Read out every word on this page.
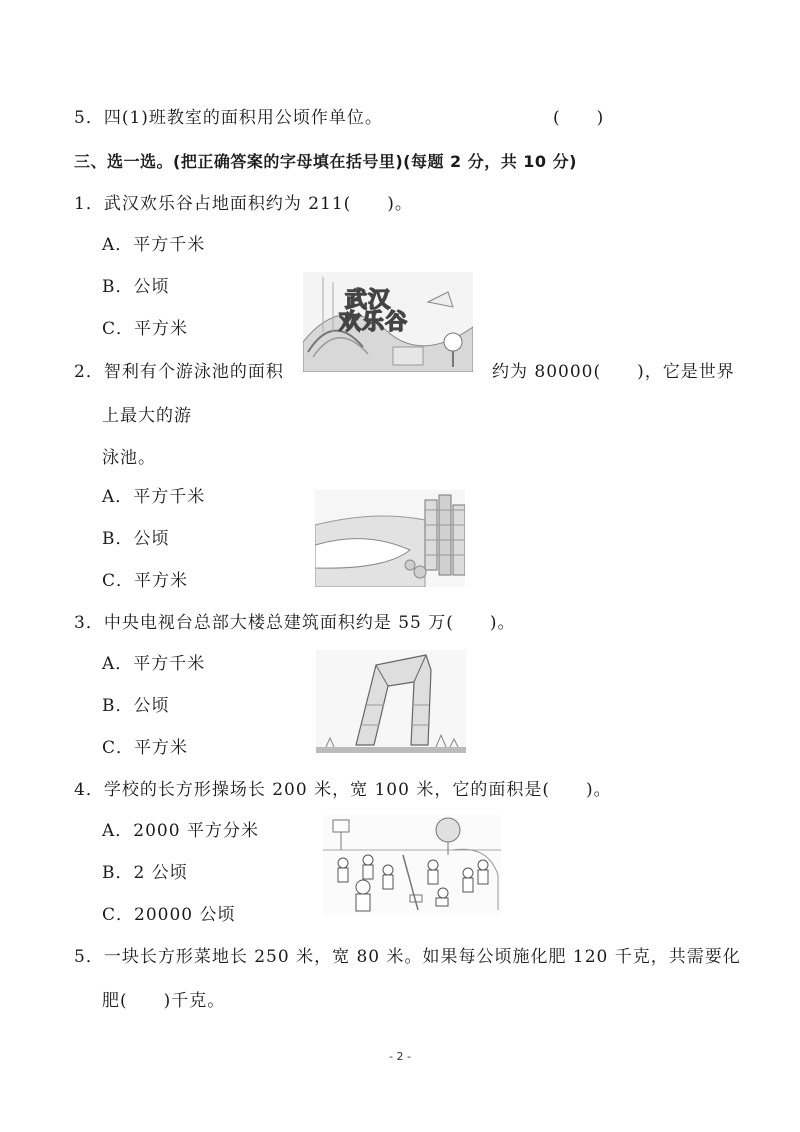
5．四(1)班教室的面积用公顷作单位。	(　　)
三、选一选。(把正确答案的字母填在括号里)(每题 2 分，共 10 分)
1．武汉欢乐谷占地面积约为 211(　　)。
A．平方千米
B．公顷
C．平方米
武汉
欢乐谷
2．智利有个游泳池的面积	约为 80000(　　)，它是世界
上最大的游
泳池。
A．平方千米
B．公顷
C．平方米
3．中央电视台总部大楼总建筑面积约是 55 万(　　)。
A．平方千米
B．公顷
C．平方米
4．学校的长方形操场长 200 米，宽 100 米，它的面积是(　　)。
A．2000 平方分米
B．2 公顷
C．20000 公顷
5．一块长方形菜地长 250 米，宽 80 米。如果每公顷施化肥 120 千克，共需要化
肥(　　)千克。
- 2 -
